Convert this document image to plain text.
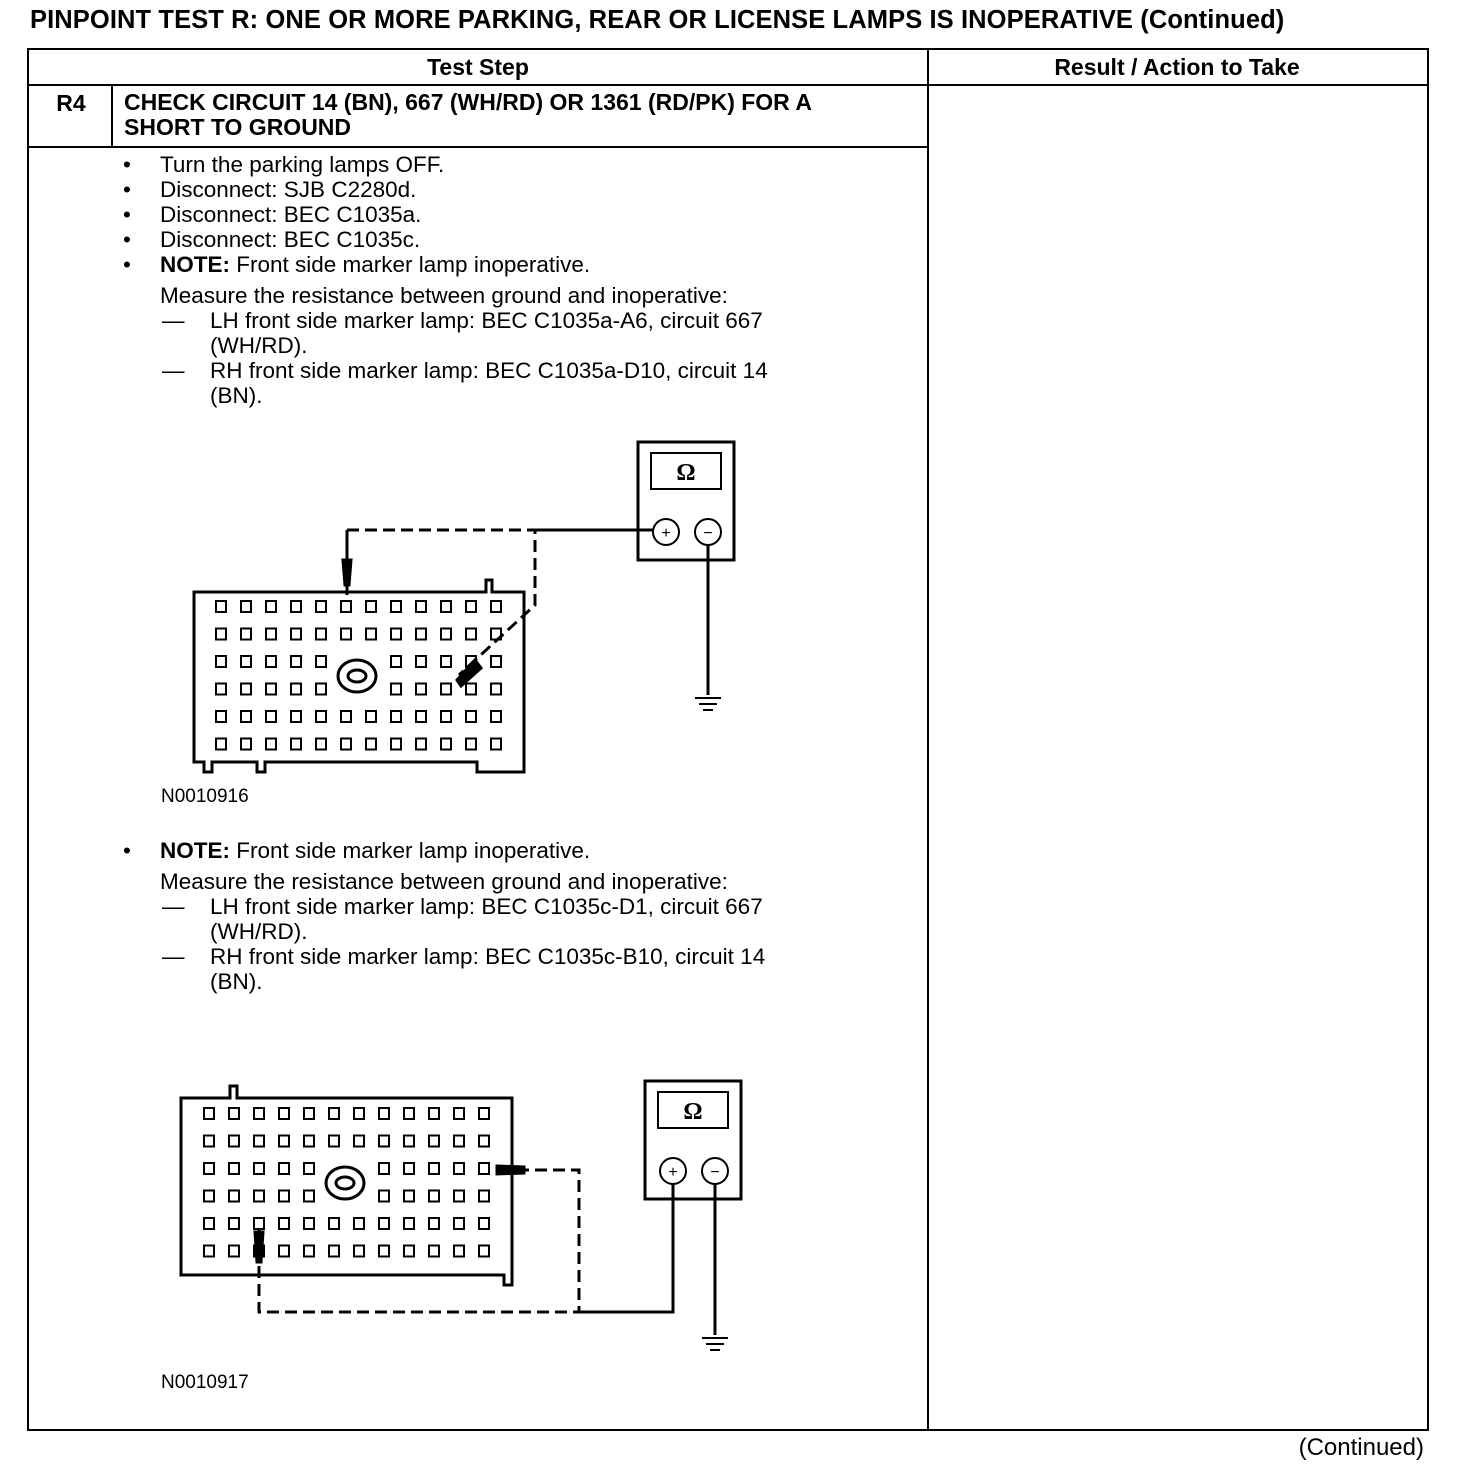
PINPOINT TEST R: ONE OR MORE PARKING, REAR OR LICENSE LAMPS IS INOPERATIVE (Continued)
Test Step	Result / Action to Take
R4	CHECK CIRCUIT 14 (BN), 667 (WH/RD) OR 1361 (RD/PK) FOR A
SHORT TO GROUND
• Turn the parking lamps OFF.
• Disconnect: SJB C2280d.
• Disconnect: BEC C1035a.
• Disconnect: BEC C1035c.
• NOTE: Front side marker lamp inoperative.
Measure the resistance between ground and inoperative:
— LH front side marker lamp: BEC C1035a-A6, circuit 667
(WH/RD).
— RH front side marker lamp: BEC C1035a-D10, circuit 14
(BN).
Ω
+ −
N0010916
• NOTE: Front side marker lamp inoperative.
Measure the resistance between ground and inoperative:
— LH front side marker lamp: BEC C1035c-D1, circuit 667
(WH/RD).
— RH front side marker lamp: BEC C1035c-B10, circuit 14
(BN).
Ω
+ −
N0010917
(Continued)
